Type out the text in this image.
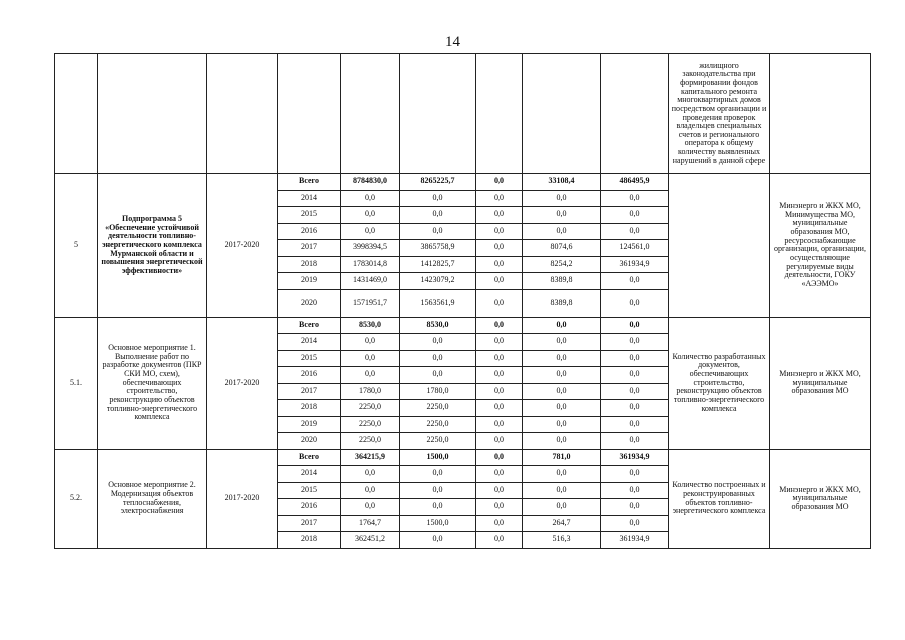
14
									жилищного законодательства при формировании фондов капитального ремонта многоквартирных домов посредством организации и проведения проверок владельцев специальных счетов и регионального оператора к общему количеству выявленных нарушений в данной сфере	
5	Подпрограмма 5 «Обеспечение устойчивой деятельности топливно-энергетического комплекса Мурманской области и повышения энергетической эффективности»	2017-2020	Всего	8784830,0	8265225,7	0,0	33108,4	486495,9		Минэнерго и ЖКХ МО, Минимущества МО, муниципальные образования МО, ресурсоснабжающие организации, организации, осуществляющие регулируемые виды деятельности, ГОКУ «АЭЭМО»
			2014	0,0	0,0	0,0	0,0	0,0		
			2015	0,0	0,0	0,0	0,0	0,0		
			2016	0,0	0,0	0,0	0,0	0,0		
			2017	3998394,5	3865758,9	0,0	8074,6	124561,0		
			2018	1783014,8	1412825,7	0,0	8254,2	361934,9		
			2019	1431469,0	1423079,2	0,0	8389,8	0,0		
			2020	1571951,7	1563561,9	0,0	8389,8	0,0		
5.1.	Основное мероприятие 1. Выполнение работ по разработке документов (ПКР СКИ МО, схем), обеспечивающих строительство, реконструкцию объектов топливно-энергетического комплекса	2017-2020	Всего	8530,0	8530,0	0,0	0,0	0,0	Количество разработанных документов, обеспечивающих строительство, реконструкцию объектов топливно-энергетического комплекса	Минэнерго и ЖКХ МО, муниципальные образования МО
			2014	0,0	0,0	0,0	0,0	0,0		
			2015	0,0	0,0	0,0	0,0	0,0		
			2016	0,0	0,0	0,0	0,0	0,0		
			2017	1780,0	1780,0	0,0	0,0	0,0		
			2018	2250,0	2250,0	0,0	0,0	0,0		
			2019	2250,0	2250,0	0,0	0,0	0,0		
			2020	2250,0	2250,0	0,0	0,0	0,0		
5.2.	Основное мероприятие 2. Модернизация объектов теплоснабжения, электроснабжения	2017-2020	Всего	364215,9	1500,0	0,0	781,0	361934,9	Количество построенных и реконструированных объектов топливно-энергетического комплекса	Минэнерго и ЖКХ МО, муниципальные образования МО
			2014	0,0	0,0	0,0	0,0	0,0		
			2015	0,0	0,0	0,0	0,0	0,0		
			2016	0,0	0,0	0,0	0,0	0,0		
			2017	1764,7	1500,0	0,0	264,7	0,0		
			2018	362451,2	0,0	0,0	516,3	361934,9		
